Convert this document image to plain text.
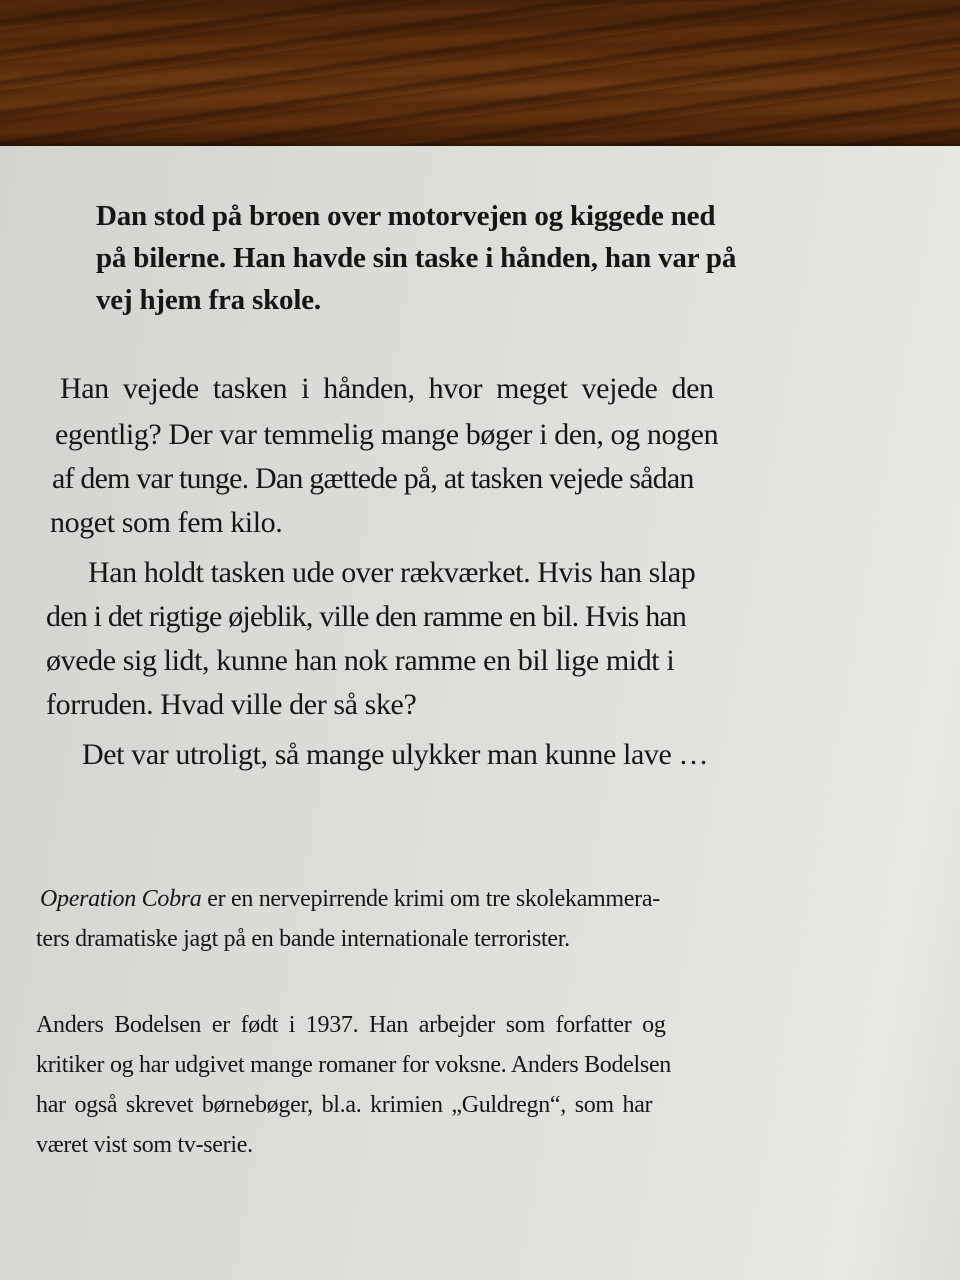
Dan stod på broen over motorvejen og kiggede ned
på bilerne. Han havde sin taske i hånden, han var på
vej hjem fra skole.
Han vejede tasken i hånden, hvor meget vejede den
egentlig? Der var temmelig mange bøger i den, og nogen
af dem var tunge. Dan gættede på, at tasken vejede sådan
noget som fem kilo.
Han holdt tasken ude over rækværket. Hvis han slap
den i det rigtige øjeblik, ville den ramme en bil. Hvis han
øvede sig lidt, kunne han nok ramme en bil lige midt i
forruden. Hvad ville der så ske?
Det var utroligt, så mange ulykker man kunne lave …
Operation Cobra er en nervepirrende krimi om tre skolekammera-
ters dramatiske jagt på en bande internationale terrorister.
Anders Bodelsen er født i 1937. Han arbejder som forfatter og
kritiker og har udgivet mange romaner for voksne. Anders Bodelsen
har også skrevet børnebøger, bl.a. krimien „Guldregn“, som har
været vist som tv-serie.
